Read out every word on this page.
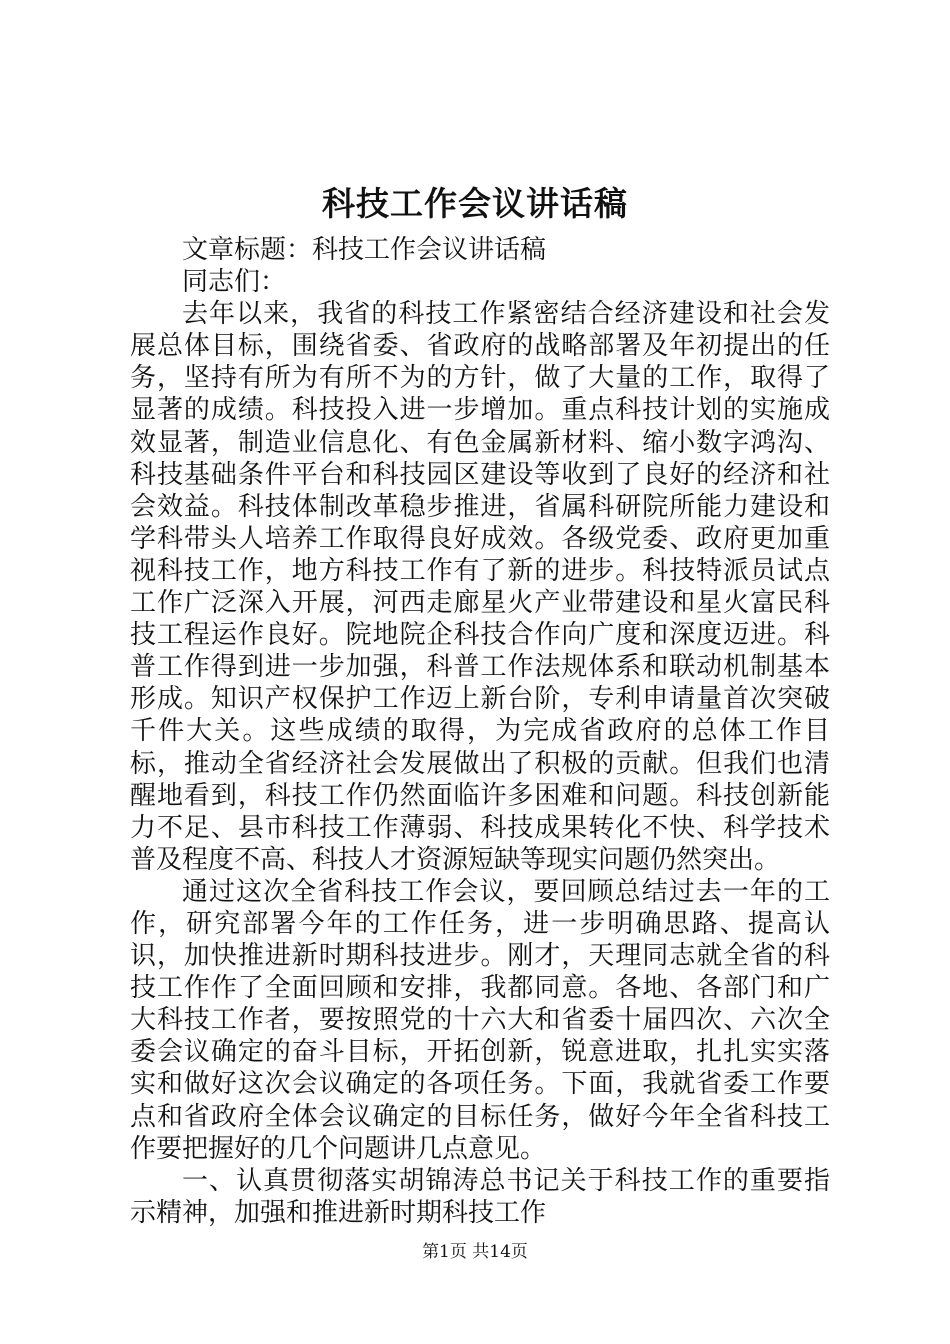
科技工作会议讲话稿

文章标题：科技工作会议讲话稿

同志们：

去年以来，我省的科技工作紧密结合经济建设和社会发展总体目标，围绕省委、省政府的战略部署及年初提出的任务，坚持有所为有所不为的方针，做了大量的工作，取得了显著的成绩。科技投入进一步增加。重点科技计划的实施成效显著，制造业信息化、有色金属新材料、缩小数字鸿沟、科技基础条件平台和科技园区建设等收到了良好的经济和社会效益。科技体制改革稳步推进，省属科研院所能力建设和学科带头人培养工作取得良好成效。各级党委、政府更加重视科技工作，地方科技工作有了新的进步。科技特派员试点工作广泛深入开展，河西走廊星火产业带建设和星火富民科技工程运作良好。院地院企科技合作向广度和深度迈进。科普工作得到进一步加强，科普工作法规体系和联动机制基本形成。知识产权保护工作迈上新台阶，专利申请量首次突破千件大关。这些成绩的取得，为完成省政府的总体工作目标，推动全省经济社会发展做出了积极的贡献。但我们也清醒地看到，科技工作仍然面临许多困难和问题。科技创新能力不足、县市科技工作薄弱、科技成果转化不快、科学技术普及程度不高、科技人才资源短缺等现实问题仍然突出。

通过这次全省科技工作会议，要回顾总结过去一年的工作，研究部署今年的工作任务，进一步明确思路、提高认识，加快推进新时期科技进步。刚才，天理同志就全省的科技工作作了全面回顾和安排，我都同意。各地、各部门和广大科技工作者，要按照党的十六大和省委十届四次、六次全委会议确定的奋斗目标，开拓创新，锐意进取，扎扎实实落实和做好这次会议确定的各项任务。下面，我就省委工作要点和省政府全体会议确定的目标任务，做好今年全省科技工作要把握好的几个问题讲几点意见。

一、认真贯彻落实胡锦涛总书记关于科技工作的重要指示精神，加强和推进新时期科技工作

第1页 共14页
